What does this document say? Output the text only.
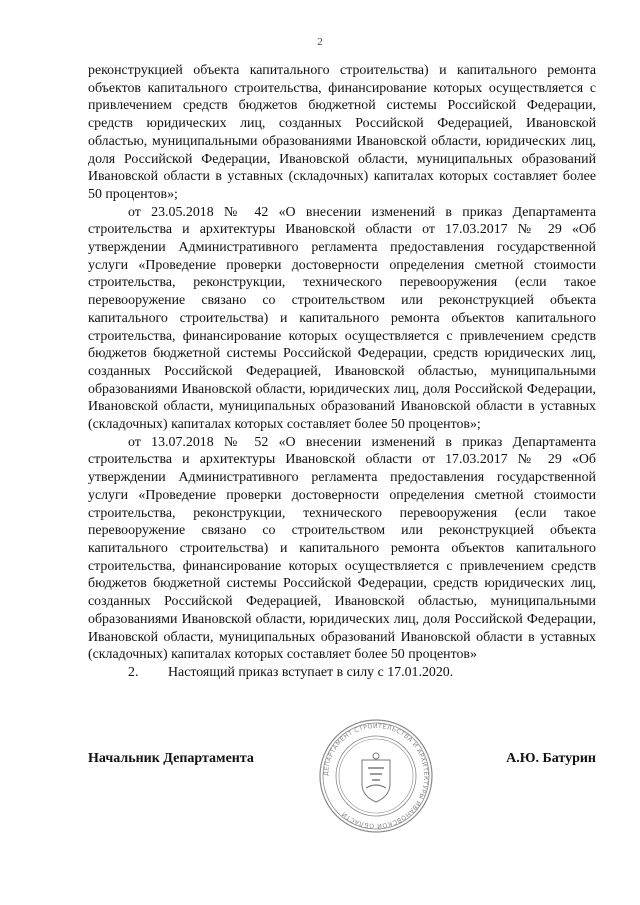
2

реконструкцией объекта капитального строительства) и капитального ремонта объектов капитального строительства, финансирование которых осуществляется с привлечением средств бюджетов бюджетной системы Российской Федерации, средств юридических лиц, созданных Российской Федерацией, Ивановской областью, муниципальными образованиями Ивановской области, юридических лиц, доля Российской Федерации, Ивановской области, муниципальных образований Ивановской области в уставных (складочных) капиталах которых составляет более 50 процентов»;

от 23.05.2018 № 42 «О внесении изменений в приказ Департамента строительства и архитектуры Ивановской области от 17.03.2017 № 29 «Об утверждении Административного регламента предоставления государственной услуги «Проведение проверки достоверности определения сметной стоимости строительства, реконструкции, технического перевооружения (если такое перевооружение связано со строительством или реконструкцией объекта капитального строительства) и капитального ремонта объектов капитального строительства, финансирование которых осуществляется с привлечением средств бюджетов бюджетной системы Российской Федерации, средств юридических лиц, созданных Российской Федерацией, Ивановской областью, муниципальными образованиями Ивановской области, юридических лиц, доля Российской Федерации, Ивановской области, муниципальных образований Ивановской области в уставных (складочных) капиталах которых составляет более 50 процентов»;

от 13.07.2018 № 52 «О внесении изменений в приказ Департамента строительства и архитектуры Ивановской области от 17.03.2017 № 29 «Об утверждении Административного регламента предоставления государственной услуги «Проведение проверки достоверности определения сметной стоимости строительства, реконструкции, технического перевооружения (если такое перевооружение связано со строительством или реконструкцией объекта капитального строительства) и капитального ремонта объектов капитального строительства, финансирование которых осуществляется с привлечением средств бюджетов бюджетной системы Российской Федерации, средств юридических лиц, созданных Российской Федерацией, Ивановской областью, муниципальными образованиями Ивановской области, юридических лиц, доля Российской Федерации, Ивановской области, муниципальных образований Ивановской области в уставных (складочных) капиталах которых составляет более 50 процентов»

2.	Настоящий приказ вступает в силу с 17.01.2020.
Начальник Департамента	А.Ю. Батурин
ДЕПАРТАМЕНТ СТРОИТЕЛЬСТВА И АРХИТЕКТУРЫ ИВАНОВСКОЙ ОБЛАСТИ
